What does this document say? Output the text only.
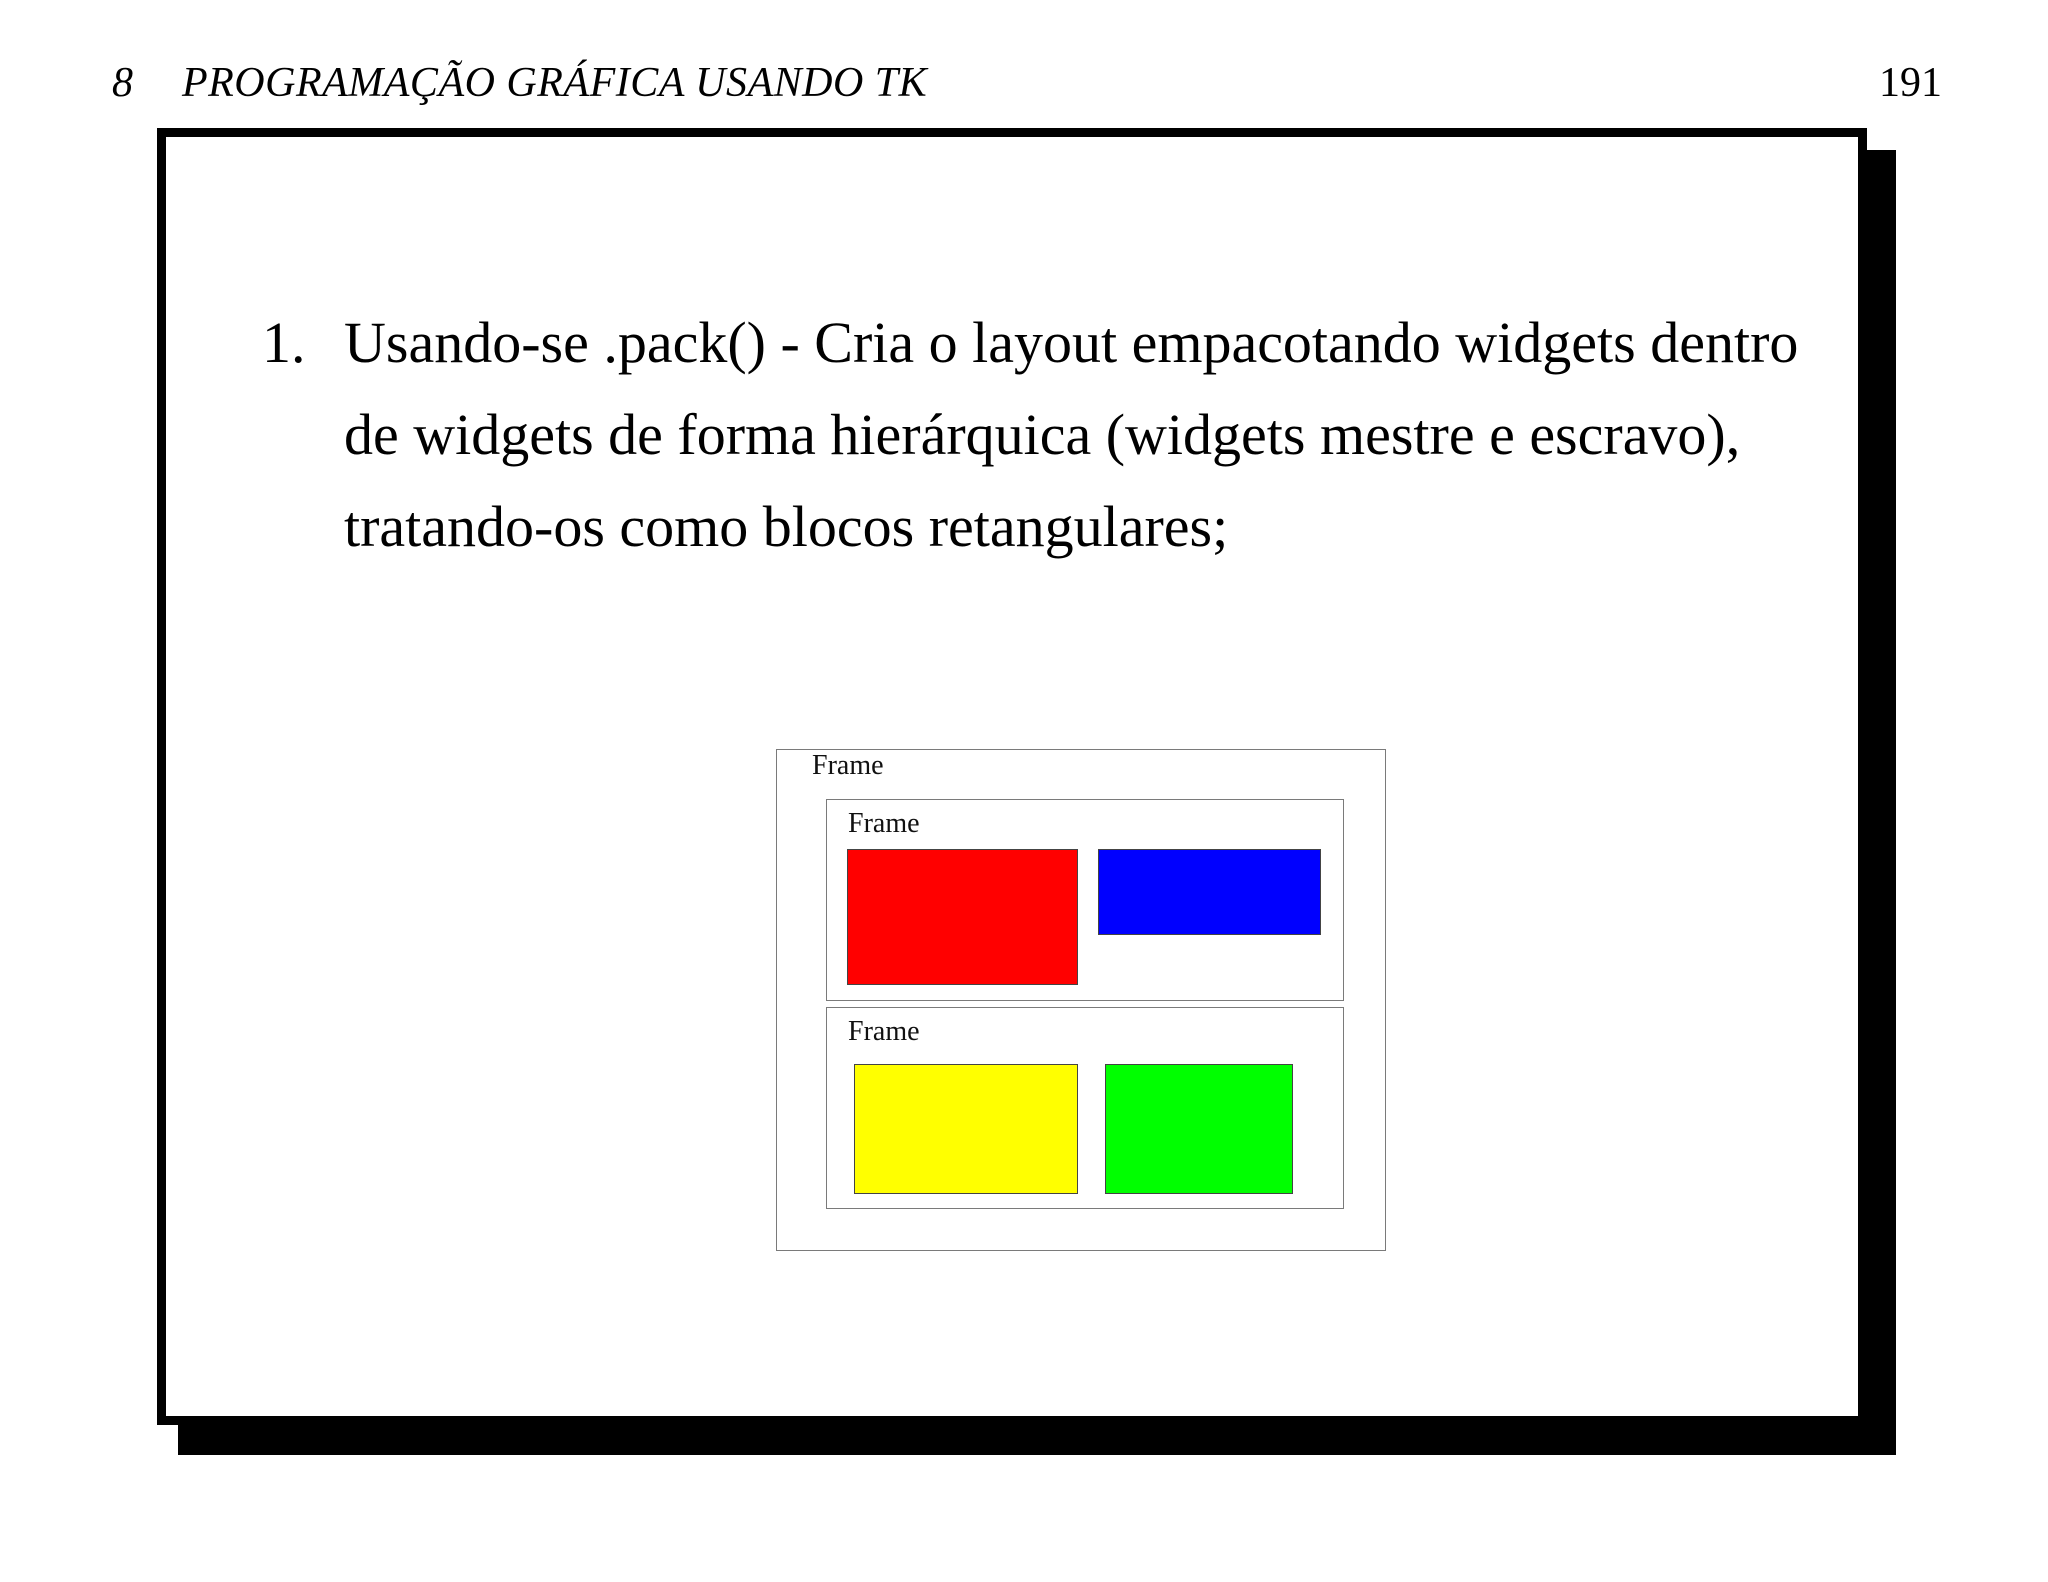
8 PROGRAMAÇÃO GRÁFICA USANDO TK	191
1. Usando-se .pack() - Cria o layout empacotando widgets dentro de widgets de forma hierárquica (widgets mestre e escravo), tratando-os como blocos retangulares;
Frame
Frame
Frame
